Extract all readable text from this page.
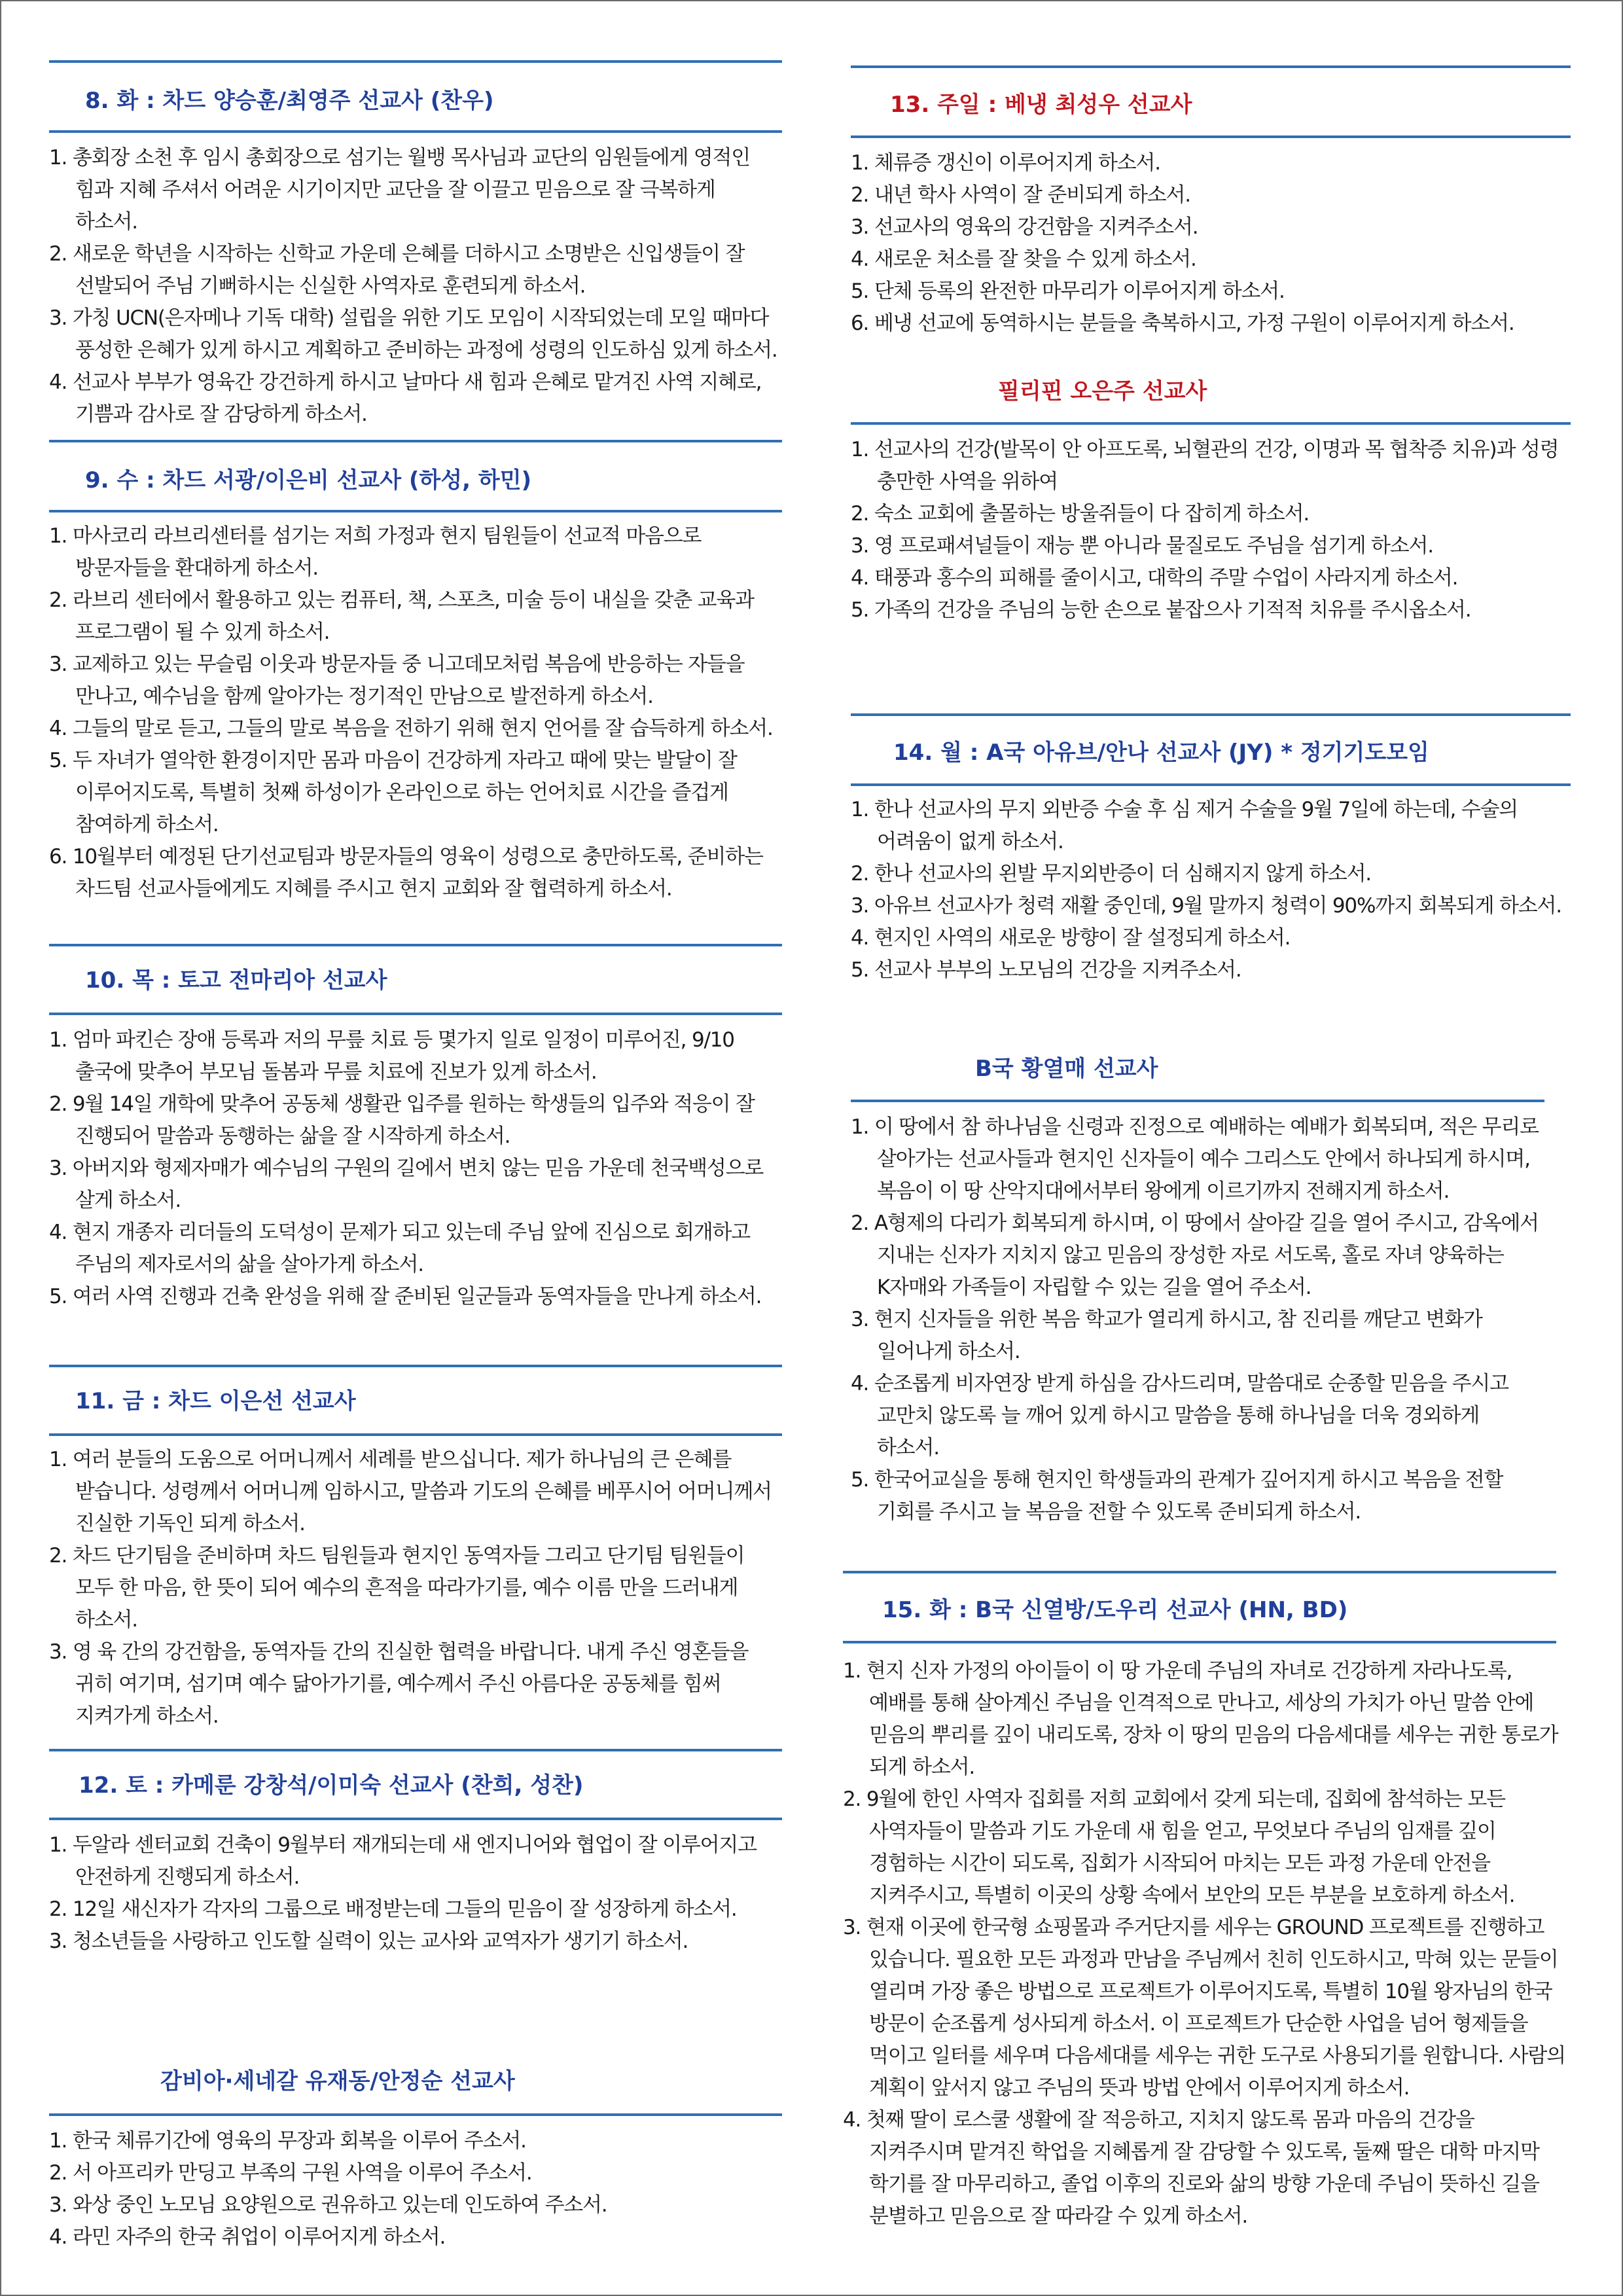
8. 화 : 차드 양승훈/최영주 선교사 (찬우)
1. 총회장 소천 후 임시 총회장으로 섬기는 월뱅 목사님과 교단의 임원들에게 영적인 힘과 지혜 주셔서 어려운 시기이지만 교단을 잘 이끌고 믿음으로 잘 극복하게 하소서.
2. 새로운 학년을 시작하는 신학교 가운데 은혜를 더하시고 소명받은 신입생들이 잘 선발되어 주님 기뻐하시는 신실한 사역자로 훈련되게 하소서.
3. 가칭 UCN(은자메나 기독 대학) 설립을 위한 기도 모임이 시작되었는데 모일 때마다 풍성한 은혜가 있게 하시고 계획하고 준비하는 과정에 성령의 인도하심 있게 하소서.
4. 선교사 부부가 영육간 강건하게 하시고 날마다 새 힘과 은혜로 맡겨진 사역 지혜로, 기쁨과 감사로 잘 감당하게 하소서.
9. 수 : 차드 서광/이은비 선교사 (하성, 하민)
1. 마사코리 라브리센터를 섬기는 저희 가정과 현지 팀원들이 선교적 마음으로 방문자들을 환대하게 하소서.
2. 라브리 센터에서 활용하고 있는 컴퓨터, 책, 스포츠, 미술 등이 내실을 갖춘 교육과 프로그램이 될 수 있게 하소서.
3. 교제하고 있는 무슬림 이웃과 방문자들 중 니고데모처럼 복음에 반응하는 자들을 만나고, 예수님을 함께 알아가는 정기적인 만남으로 발전하게 하소서.
4. 그들의 말로 듣고, 그들의 말로 복음을 전하기 위해 현지 언어를 잘 습득하게 하소서.
5. 두 자녀가 열악한 환경이지만 몸과 마음이 건강하게 자라고 때에 맞는 발달이 잘 이루어지도록, 특별히 첫째 하성이가 온라인으로 하는 언어치료 시간을 즐겁게 참여하게 하소서.
6. 10월부터 예정된 단기선교팀과 방문자들의 영육이 성령으로 충만하도록, 준비하는 차드팀 선교사들에게도 지혜를 주시고 현지 교회와 잘 협력하게 하소서.
10. 목 : 토고 전마리아 선교사
1. 엄마 파킨슨 장애 등록과 저의 무릎 치료 등 몇가지 일로 일정이 미루어진, 9/10 출국에 맞추어 부모님 돌봄과 무릎 치료에 진보가 있게 하소서.
2. 9월 14일 개학에 맞추어 공동체 생활관 입주를 원하는 학생들의 입주와 적응이 잘 진행되어 말씀과 동행하는 삶을 잘 시작하게 하소서.
3. 아버지와 형제자매가 예수님의 구원의 길에서 변치 않는 믿음 가운데 천국백성으로 살게 하소서.
4. 현지 개종자 리더들의 도덕성이 문제가 되고 있는데 주님 앞에 진심으로 회개하고 주님의 제자로서의 삶을 살아가게 하소서.
5. 여러 사역 진행과 건축 완성을 위해 잘 준비된 일군들과 동역자들을 만나게 하소서.
11. 금 : 차드 이은선 선교사
1. 여러 분들의 도움으로 어머니께서 세례를 받으십니다. 제가 하나님의 큰 은혜를 받습니다. 성령께서 어머니께 임하시고, 말씀과 기도의 은혜를 베푸시어 어머니께서 진실한 기독인 되게 하소서.
2. 차드 단기팀을 준비하며 차드 팀원들과 현지인 동역자들 그리고 단기팀 팀원들이 모두 한 마음, 한 뜻이 되어 예수의 흔적을 따라가기를, 예수 이름 만을 드러내게 하소서.
3. 영 육 간의 강건함을, 동역자들 간의 진실한 협력을 바랍니다. 내게 주신 영혼들을 귀히 여기며, 섬기며 예수 닮아가기를, 예수께서 주신 아름다운 공동체를 힘써 지켜가게 하소서.
12. 토 : 카메룬 강창석/이미숙 선교사 (찬희, 성찬)
1. 두알라 센터교회 건축이 9월부터 재개되는데 새 엔지니어와 협업이 잘 이루어지고 안전하게 진행되게 하소서.
2. 12일 새신자가 각자의 그룹으로 배정받는데 그들의 믿음이 잘 성장하게 하소서.
3. 청소년들을 사랑하고 인도할 실력이 있는 교사와 교역자가 생기기 하소서.
감비아·세네갈 유재동/안정순 선교사
1. 한국 체류기간에 영육의 무장과 회복을 이루어 주소서.
2. 서 아프리카 만딩고 부족의 구원 사역을 이루어 주소서.
3. 와상 중인 노모님 요양원으로 권유하고 있는데 인도하여 주소서.
4. 라민 자주의 한국 취업이 이루어지게 하소서.
13. 주일 : 베냉 최성우 선교사
1. 체류증 갱신이 이루어지게 하소서.
2. 내년 학사 사역이 잘 준비되게 하소서.
3. 선교사의 영육의 강건함을 지켜주소서.
4. 새로운 처소를 잘 찾을 수 있게 하소서.
5. 단체 등록의 완전한 마무리가 이루어지게 하소서.
6. 베냉 선교에 동역하시는 분들을 축복하시고, 가정 구원이 이루어지게 하소서.
필리핀 오은주 선교사
1. 선교사의 건강(발목이 안 아프도록, 뇌혈관의 건강, 이명과 목 협착증 치유)과 성령 충만한 사역을 위하여
2. 숙소 교회에 출몰하는 방울쥐들이 다 잡히게 하소서.
3. 영 프로패셔널들이 재능 뿐 아니라 물질로도 주님을 섬기게 하소서.
4. 태풍과 홍수의 피해를 줄이시고, 대학의 주말 수업이 사라지게 하소서.
5. 가족의 건강을 주님의 능한 손으로 붙잡으사 기적적 치유를 주시옵소서.
14. 월 : A국 아유브/안나 선교사 (JY) * 정기기도모임
1. 한나 선교사의 무지 외반증 수술 후 심 제거 수술을 9월 7일에 하는데, 수술의 어려움이 없게 하소서.
2. 한나 선교사의 왼발 무지외반증이 더 심해지지 않게 하소서.
3. 아유브 선교사가 청력 재활 중인데, 9월 말까지 청력이 90%까지 회복되게 하소서.
4. 현지인 사역의 새로운 방향이 잘 설정되게 하소서.
5. 선교사 부부의 노모님의 건강을 지켜주소서.
B국 황열매 선교사
1. 이 땅에서 참 하나님을 신령과 진정으로 예배하는 예배가 회복되며, 적은 무리로 살아가는 선교사들과 현지인 신자들이 예수 그리스도 안에서 하나되게 하시며, 복음이 이 땅 산악지대에서부터 왕에게 이르기까지 전해지게 하소서.
2. A형제의 다리가 회복되게 하시며, 이 땅에서 살아갈 길을 열어 주시고, 감옥에서 지내는 신자가 지치지 않고 믿음의 장성한 자로 서도록, 홀로 자녀 양육하는 K자매와 가족들이 자립할 수 있는 길을 열어 주소서.
3. 현지 신자들을 위한 복음 학교가 열리게 하시고, 참 진리를 깨닫고 변화가 일어나게 하소서.
4. 순조롭게 비자연장 받게 하심을 감사드리며, 말씀대로 순종할 믿음을 주시고 교만치 않도록 늘 깨어 있게 하시고 말씀을 통해 하나님을 더욱 경외하게 하소서.
5. 한국어교실을 통해 현지인 학생들과의 관계가 깊어지게 하시고 복음을 전할 기회를 주시고 늘 복음을 전할 수 있도록 준비되게 하소서.
15. 화 : B국 신열방/도우리 선교사 (HN, BD)
1. 현지 신자 가정의 아이들이 이 땅 가운데 주님의 자녀로 건강하게 자라나도록, 예배를 통해 살아계신 주님을 인격적으로 만나고, 세상의 가치가 아닌 말씀 안에 믿음의 뿌리를 깊이 내리도록, 장차 이 땅의 믿음의 다음세대를 세우는 귀한 통로가 되게 하소서.
2. 9월에 한인 사역자 집회를 저희 교회에서 갖게 되는데, 집회에 참석하는 모든 사역자들이 말씀과 기도 가운데 새 힘을 얻고, 무엇보다 주님의 임재를 깊이 경험하는 시간이 되도록, 집회가 시작되어 마치는 모든 과정 가운데 안전을 지켜주시고, 특별히 이곳의 상황 속에서 보안의 모든 부분을 보호하게 하소서.
3. 현재 이곳에 한국형 쇼핑몰과 주거단지를 세우는 GROUND 프로젝트를 진행하고 있습니다. 필요한 모든 과정과 만남을 주님께서 친히 인도하시고, 막혀 있는 문들이 열리며 가장 좋은 방법으로 프로젝트가 이루어지도록, 특별히 10월 왕자님의 한국 방문이 순조롭게 성사되게 하소서. 이 프로젝트가 단순한 사업을 넘어 형제들을 먹이고 일터를 세우며 다음세대를 세우는 귀한 도구로 사용되기를 원합니다. 사람의 계획이 앞서지 않고 주님의 뜻과 방법 안에서 이루어지게 하소서.
4. 첫째 딸이 로스쿨 생활에 잘 적응하고, 지치지 않도록 몸과 마음의 건강을 지켜주시며 맡겨진 학업을 지혜롭게 잘 감당할 수 있도록, 둘째 딸은 대학 마지막 학기를 잘 마무리하고, 졸업 이후의 진로와 삶의 방향 가운데 주님이 뜻하신 길을 분별하고 믿음으로 잘 따라갈 수 있게 하소서.
